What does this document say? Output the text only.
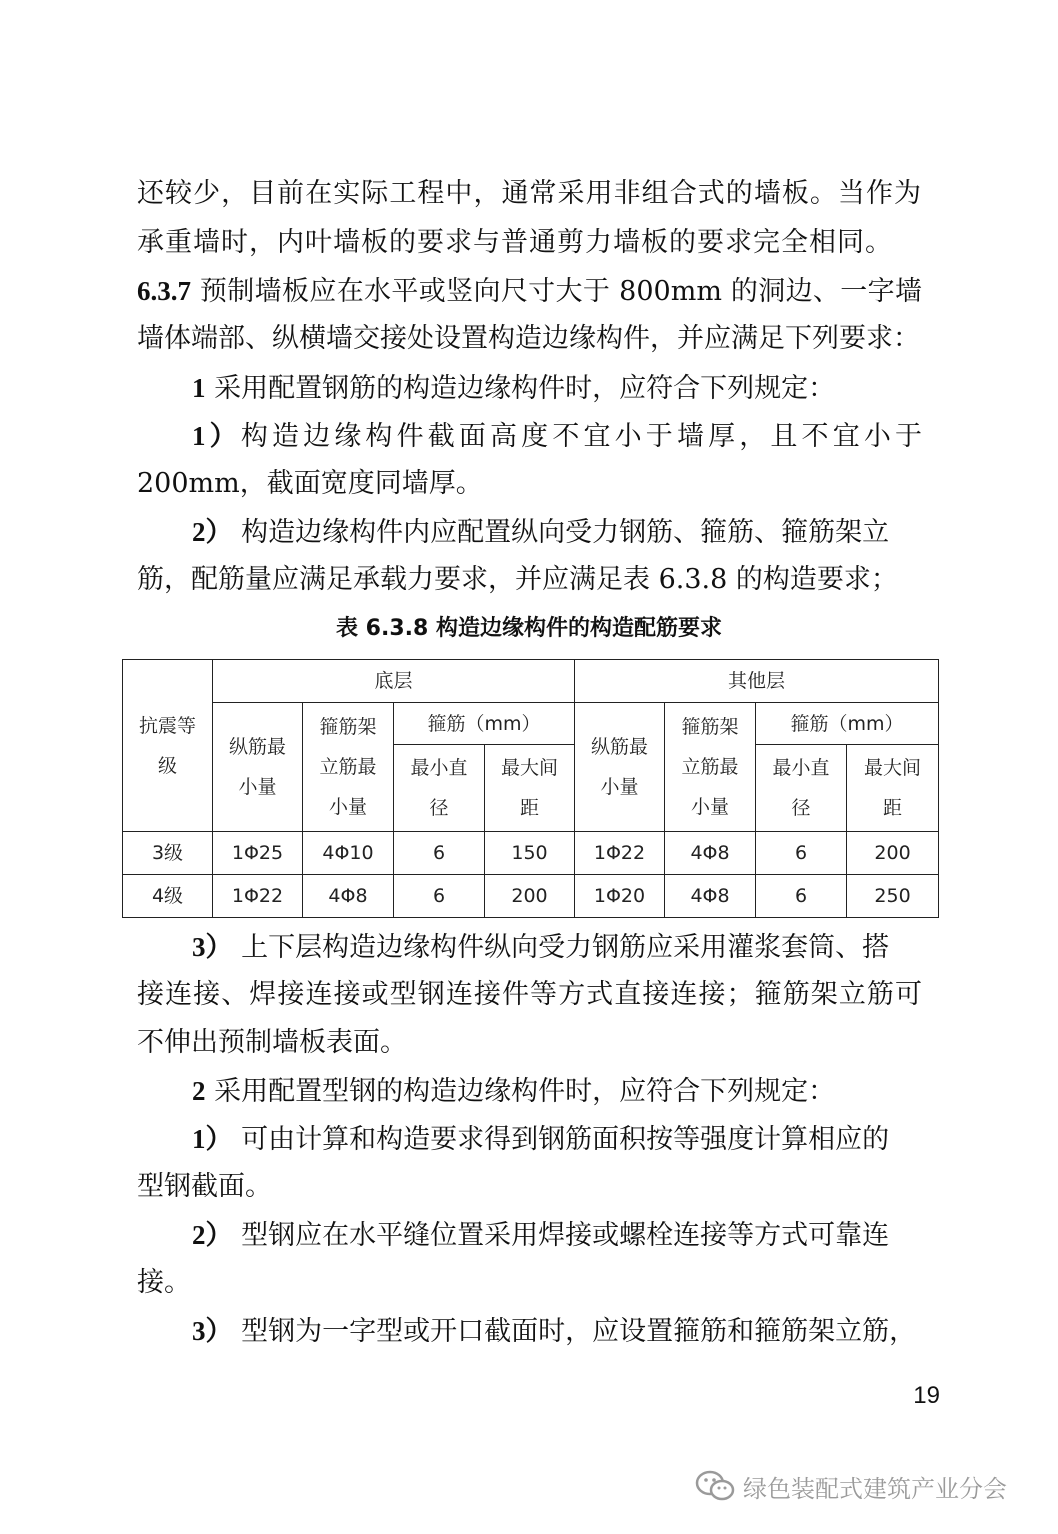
还较少，目前在实际工程中，通常采用非组合式的墙板。当作为
承重墙时，内叶墙板的要求与普通剪力墙板的要求完全相同。
6.3.7 预制墙板应在水平或竖向尺寸大于 800mm 的洞边、一字墙
墙体端部、纵横墙交接处设置构造边缘构件，并应满足下列要求：
1 采用配置钢筋的构造边缘构件时，应符合下列规定：
1）构造边缘构件截面高度不宜小于墙厚，且不宜小于
200mm，截面宽度同墙厚。
2） 构造边缘构件内应配置纵向受力钢筋、箍筋、箍筋架立
筋，配筋量应满足承载力要求，并应满足表 6.3.8 的构造要求；
表 6.3.8 构造边缘构件的构造配筋要求
抗震等级	底层				其他层			
	纵筋最小量	箍筋架立筋最小量	箍筋（mm）		纵筋最小量	箍筋架立筋最小量	箍筋（mm）	
			最小直径	最大间距			最小直径	最大间距
3级	1Φ25	4Φ10	6	150	1Φ22	4Φ8	6	200
4级	1Φ22	4Φ8	6	200	1Φ20	4Φ8	6	250
3） 上下层构造边缘构件纵向受力钢筋应采用灌浆套筒、搭
接连接、焊接连接或型钢连接件等方式直接连接；箍筋架立筋可
不伸出预制墙板表面。
2 采用配置型钢的构造边缘构件时，应符合下列规定：
1） 可由计算和构造要求得到钢筋面积按等强度计算相应的
型钢截面。
2） 型钢应在水平缝位置采用焊接或螺栓连接等方式可靠连
接。
3） 型钢为一字型或开口截面时，应设置箍筋和箍筋架立筋，
19
绿色装配式建筑产业分会
